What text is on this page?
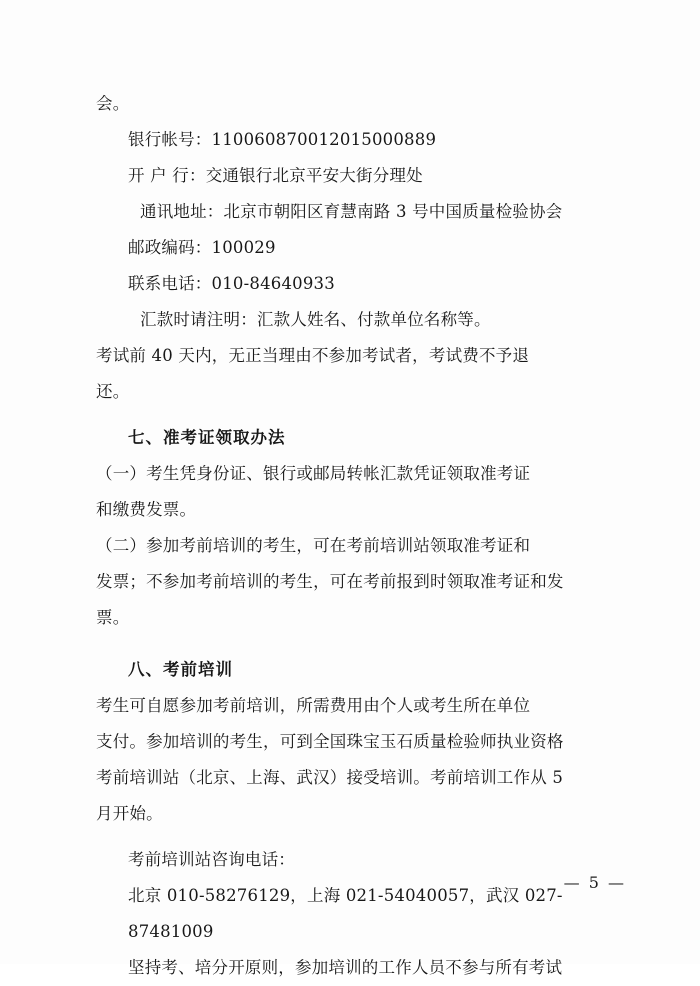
会。

银行帐号：110060870012015000889

开 户 行：交通银行北京平安大街分理处

通讯地址：北京市朝阳区育慧南路 3 号中国质量检验协会

邮政编码：100029

联系电话：010-84640933

汇款时请注明：汇款人姓名、付款单位名称等。

考试前 40 天内，无正当理由不参加考试者，考试费不予退

还。

七、准考证领取办法

（一）考生凭身份证、银行或邮局转帐汇款凭证领取准考证

和缴费发票。

（二）参加考前培训的考生，可在考前培训站领取准考证和

发票；不参加考前培训的考生，可在考前报到时领取准考证和发

票。

八、考前培训

考生可自愿参加考前培训，所需费用由个人或考生所在单位

支付。参加培训的考生，可到全国珠宝玉石质量检验师执业资格

考前培训站（北京、上海、武汉）接受培训。考前培训工作从 5

月开始。

考前培训站咨询电话：

北京 010-58276129，上海 021-54040057，武汉 027-87481009

坚持考、培分开原则，参加培训的工作人员不参与所有考试

— 5 —
